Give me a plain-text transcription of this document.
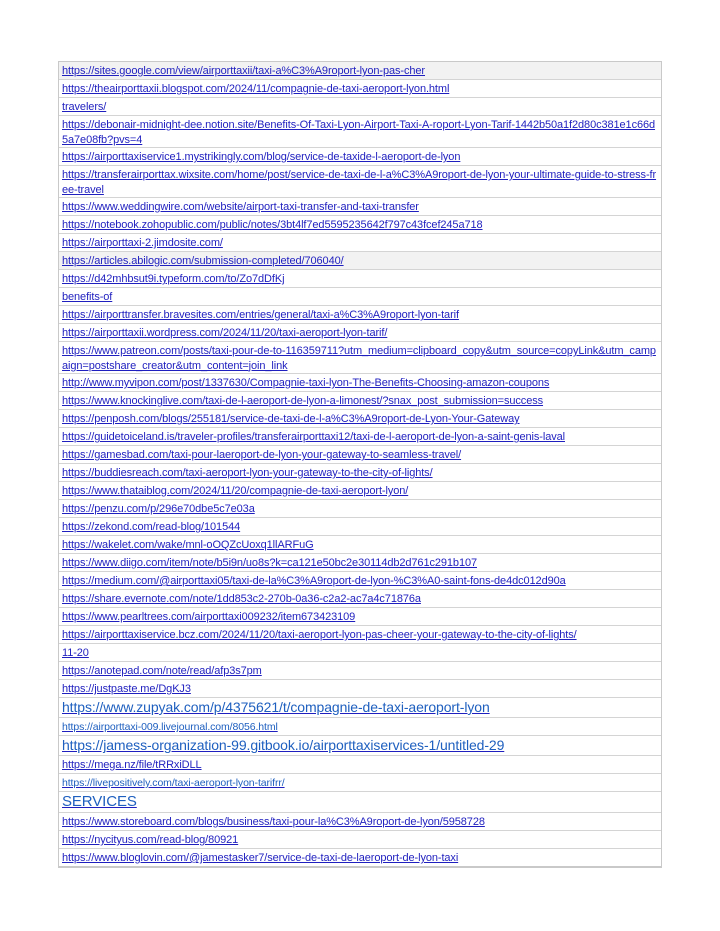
https://sites.google.com/view/airporttaxii/taxi-a%C3%A9roport-lyon-pas-cher
https://theairporttaxii.blogspot.com/2024/11/compagnie-de-taxi-aeroport-lyon.html
travelers/
https://debonair-midnight-dee.notion.site/Benefits-Of-Taxi-Lyon-Airport-Taxi-A-roport-Lyon-Tarif-1442b50a1f2d80c381e1c66d5a7e08fb?pvs=4
https://airporttaxiservice1.mystrikingly.com/blog/service-de-taxide-l-aeroport-de-lyon
https://transferairporttax.wixsite.com/home/post/service-de-taxi-de-l-a%C3%A9roport-de-lyon-your-ultimate-guide-to-stress-free-travel
https://www.weddingwire.com/website/airport-taxi-transfer-and-taxi-transfer
https://notebook.zohopublic.com/public/notes/3bt4lf7ed5595235642f797c43fcef245a718
https://airporttaxi-2.jimdosite.com/
https://articles.abilogic.com/submission-completed/706040/
https://d42mhbsut9i.typeform.com/to/Zo7dDfKj
benefits-of
https://airporttransfer.bravesites.com/entries/general/taxi-a%C3%A9roport-lyon-tarif
https://airporttaxii.wordpress.com/2024/11/20/taxi-aeroport-lyon-tarif/
https://www.patreon.com/posts/taxi-pour-de-to-116359711?utm_medium=clipboard_copy&utm_source=copyLink&utm_campaign=postshare_creator&utm_content=join_link
http://www.myvipon.com/post/1337630/Compagnie-taxi-lyon-The-Benefits-Choosing-amazon-coupons
https://www.knockinglive.com/taxi-de-l-aeroport-de-lyon-a-limonest/?snax_post_submission=success
https://penposh.com/blogs/255181/service-de-taxi-de-l-a%C3%A9roport-de-Lyon-Your-Gateway
https://guidetoiceland.is/traveler-profiles/transferairporttaxi12/taxi-de-l-aeroport-de-lyon-a-saint-genis-laval
https://gamesbad.com/taxi-pour-laeroport-de-lyon-your-gateway-to-seamless-travel/
https://buddiesreach.com/taxi-aeroport-lyon-your-gateway-to-the-city-of-lights/
https://www.thataiblog.com/2024/11/20/compagnie-de-taxi-aeroport-lyon/
https://penzu.com/p/296e70dbe5c7e03a
https://zekond.com/read-blog/101544
https://wakelet.com/wake/mnl-oOQZcUoxq1llARFuG
https://www.diigo.com/item/note/b5i9n/uo8s?k=ca121e50bc2e30114db2d761c291b107
https://medium.com/@airporttaxi05/taxi-de-la%C3%A9roport-de-lyon-%C3%A0-saint-fons-de4dc012d90a
https://share.evernote.com/note/1dd853c2-270b-0a36-c2a2-ac7a4c71876a
https://www.pearltrees.com/airporttaxi009232/item673423109
https://airporttaxiservice.bcz.com/2024/11/20/taxi-aeroport-lyon-pas-cheer-your-gateway-to-the-city-of-lights/
11-20
https://anotepad.com/note/read/afp3s7pm
https://justpaste.me/DgKJ3
https://www.zupyak.com/p/4375621/t/compagnie-de-taxi-aeroport-lyon
https://airporttaxi-009.livejournal.com/8056.html
https://jamess-organization-99.gitbook.io/airporttaxiservices-1/untitled-29
https://mega.nz/file/tRRxiDLL
https://livepositively.com/taxi-aeroport-lyon-tarifrr/
SERVICES
https://www.storeboard.com/blogs/business/taxi-pour-la%C3%A9roport-de-lyon/5958728
https://nycityus.com/read-blog/80921
https://www.bloglovin.com/@jamestasker7/service-de-taxi-de-laeroport-de-lyon-taxi
